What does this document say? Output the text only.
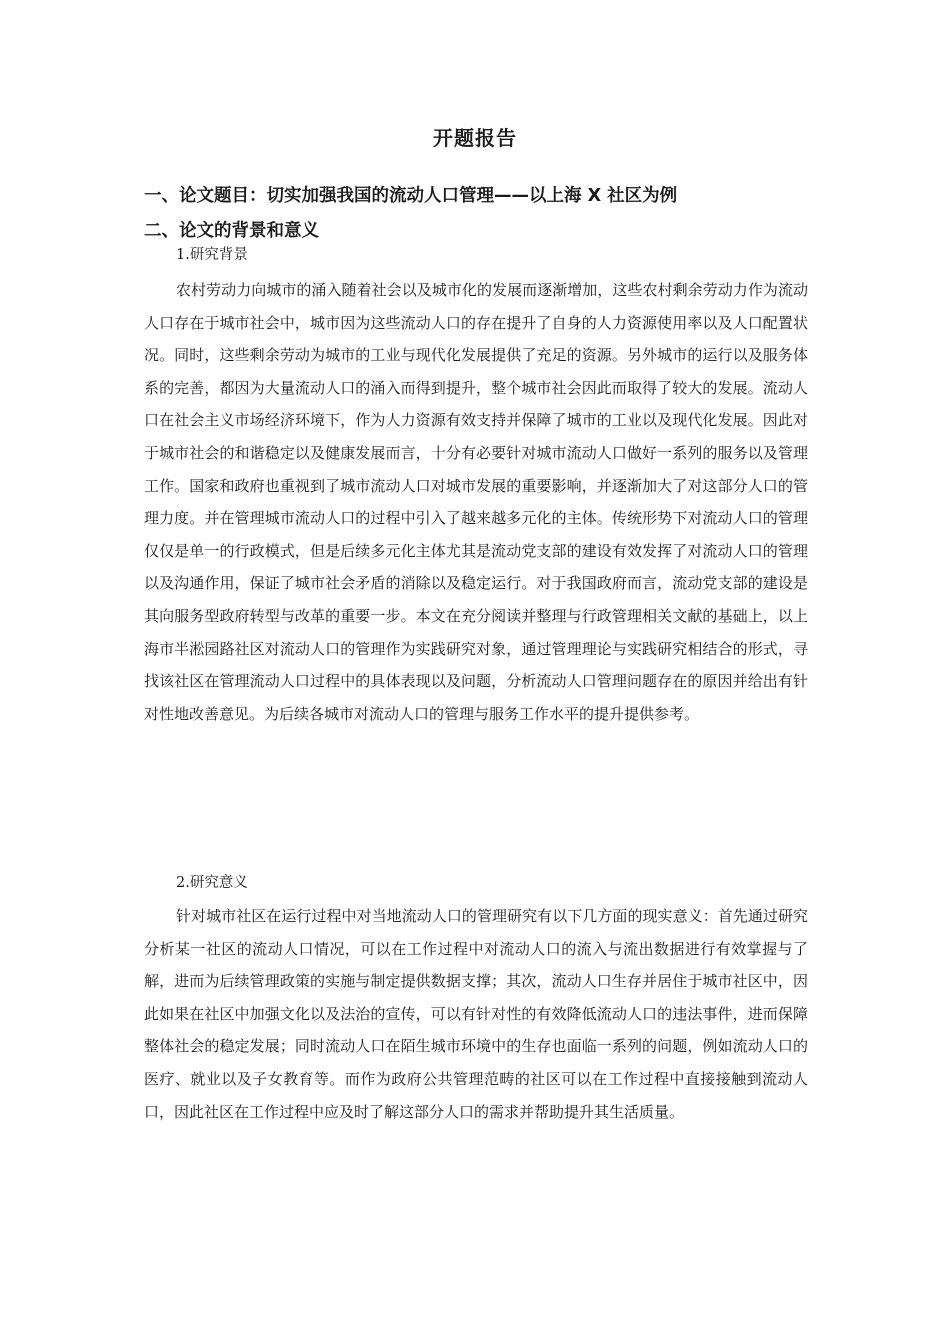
开题报告
一、论文题目：切实加强我国的流动人口管理——以上海 X 社区为例
二、论文的背景和意义
1.研究背景

农村劳动力向城市的涌入随着社会以及城市化的发展而逐渐增加，这些农村剩余劳动力作为流动人口存在于城市社会中，城市因为这些流动人口的存在提升了自身的人力资源使用率以及人口配置状况。同时，这些剩余劳动为城市的工业与现代化发展提供了充足的资源。另外城市的运行以及服务体系的完善，都因为大量流动人口的涌入而得到提升，整个城市社会因此而取得了较大的发展。流动人口在社会主义市场经济环境下，作为人力资源有效支持并保障了城市的工业以及现代化发展。因此对于城市社会的和谐稳定以及健康发展而言，十分有必要针对城市流动人口做好一系列的服务以及管理工作。国家和政府也重视到了城市流动人口对城市发展的重要影响，并逐渐加大了对这部分人口的管理力度。并在管理城市流动人口的过程中引入了越来越多元化的主体。传统形势下对流动人口的管理仅仅是单一的行政模式，但是后续多元化主体尤其是流动党支部的建设有效发挥了对流动人口的管理以及沟通作用，保证了城市社会矛盾的消除以及稳定运行。对于我国政府而言，流动党支部的建设是其向服务型政府转型与改革的重要一步。本文在充分阅读并整理与行政管理相关文献的基础上，以上海市半淞园路社区对流动人口的管理作为实践研究对象，通过管理理论与实践研究相结合的形式，寻找该社区在管理流动人口过程中的具体表现以及问题，分析流动人口管理问题存在的原因并给出有针对性地改善意见。为后续各城市对流动人口的管理与服务工作水平的提升提供参考。

2.研究意义

针对城市社区在运行过程中对当地流动人口的管理研究有以下几方面的现实意义：首先通过研究分析某一社区的流动人口情况，可以在工作过程中对流动人口的流入与流出数据进行有效掌握与了解，进而为后续管理政策的实施与制定提供数据支撑；其次，流动人口生存并居住于城市社区中，因此如果在社区中加强文化以及法治的宣传，可以有针对性的有效降低流动人口的违法事件，进而保障整体社会的稳定发展；同时流动人口在陌生城市环境中的生存也面临一系列的问题，例如流动人口的医疗、就业以及子女教育等。而作为政府公共管理范畴的社区可以在工作过程中直接接触到流动人口，因此社区在工作过程中应及时了解这部分人口的需求并帮助提升其生活质量。
